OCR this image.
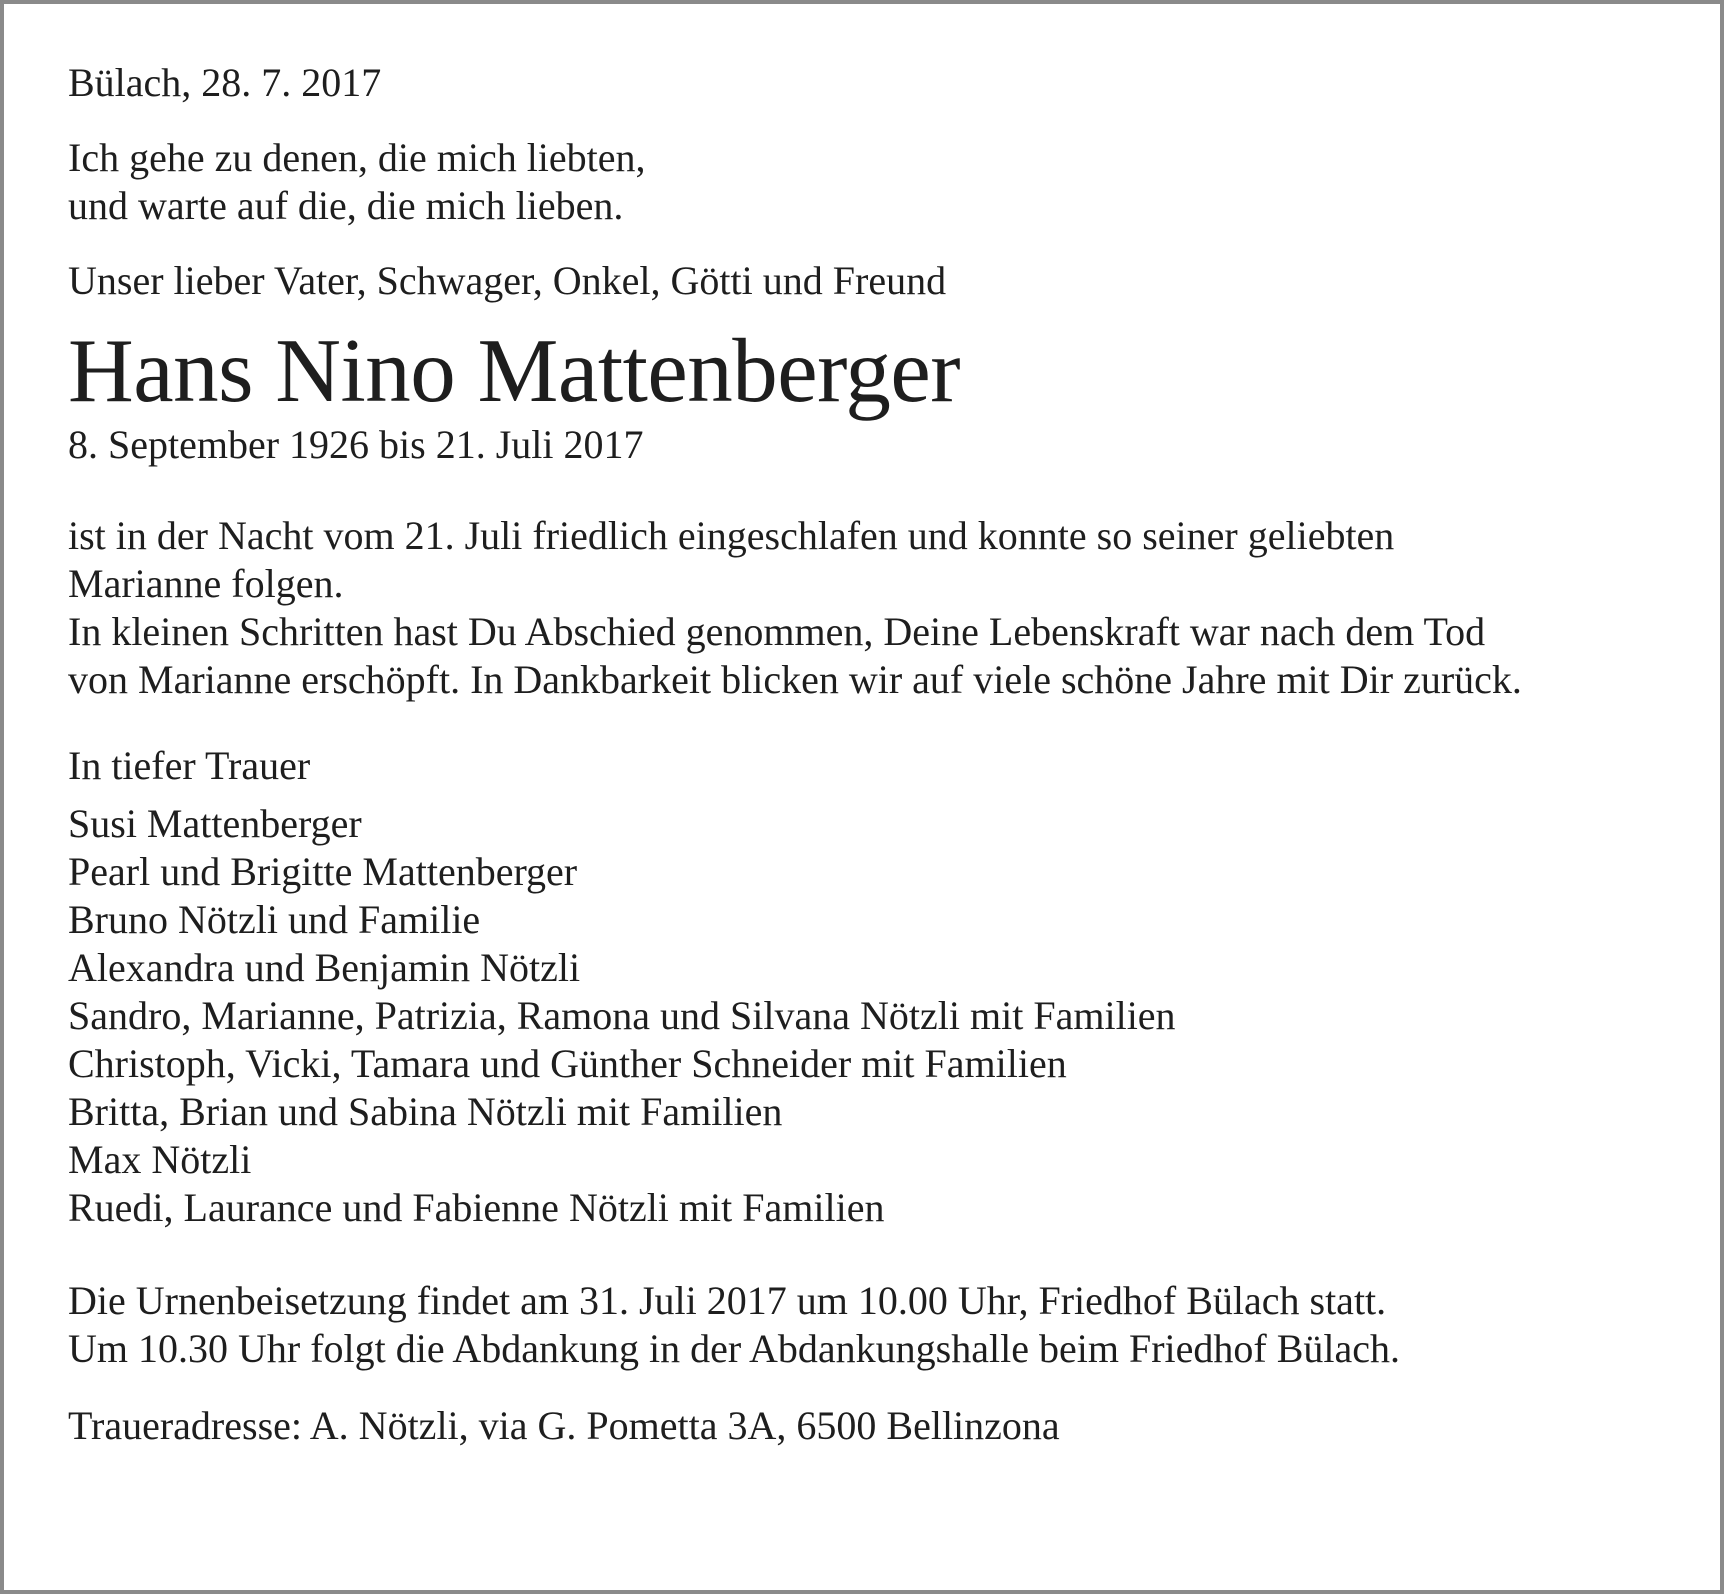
Bülach, 28. 7. 2017
Ich gehe zu denen, die mich liebten,
und warte auf die, die mich lieben.
Unser lieber Vater, Schwager, Onkel, Götti und Freund
Hans Nino Mattenberger
8. September 1926 bis 21. Juli 2017
ist in der Nacht vom 21. Juli friedlich eingeschlafen und konnte so seiner geliebten
Marianne folgen.
In kleinen Schritten hast Du Abschied genommen, Deine Lebenskraft war nach dem Tod
von Marianne erschöpft. In Dankbarkeit blicken wir auf viele schöne Jahre mit Dir zurück.
In tiefer Trauer
Susi Mattenberger
Pearl und Brigitte Mattenberger
Bruno Nötzli und Familie
Alexandra und Benjamin Nötzli
Sandro, Marianne, Patrizia, Ramona und Silvana Nötzli mit Familien
Christoph, Vicki, Tamara und Günther Schneider mit Familien
Britta, Brian und Sabina Nötzli mit Familien
Max Nötzli
Ruedi, Laurance und Fabienne Nötzli mit Familien
Die Urnenbeisetzung findet am 31. Juli 2017 um 10.00 Uhr, Friedhof Bülach statt.
Um 10.30 Uhr folgt die Abdankung in der Abdankungshalle beim Friedhof Bülach.
Traueradresse: A. Nötzli, via G. Pometta 3A, 6500 Bellinzona
